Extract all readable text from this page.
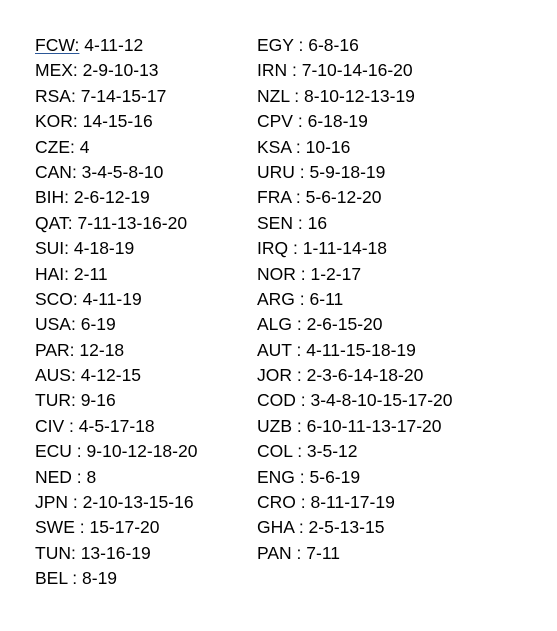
FCW: 4-11-12
MEX: 2-9-10-13
RSA: 7-14-15-17
KOR: 14-15-16
CZE: 4
CAN: 3-4-5-8-10
BIH: 2-6-12-19
QAT: 7-11-13-16-20
SUI: 4-18-19
HAI: 2-11
SCO: 4-11-19
USA: 6-19
PAR: 12-18
AUS: 4-12-15
TUR: 9-16
CIV : 4-5-17-18
ECU : 9-10-12-18-20
NED : 8
JPN : 2-10-13-15-16
SWE : 15-17-20
TUN: 13-16-19
BEL : 8-19
EGY : 6-8-16
IRN : 7-10-14-16-20
NZL : 8-10-12-13-19
CPV : 6-18-19
KSA : 10-16
URU : 5-9-18-19
FRA : 5-6-12-20
SEN : 16
IRQ : 1-11-14-18
NOR : 1-2-17
ARG : 6-11
ALG : 2-6-15-20
AUT : 4-11-15-18-19
JOR : 2-3-6-14-18-20
COD : 3-4-8-10-15-17-20
UZB : 6-10-11-13-17-20
COL : 3-5-12
ENG : 5-6-19
CRO : 8-11-17-19
GHA : 2-5-13-15
PAN : 7-11
